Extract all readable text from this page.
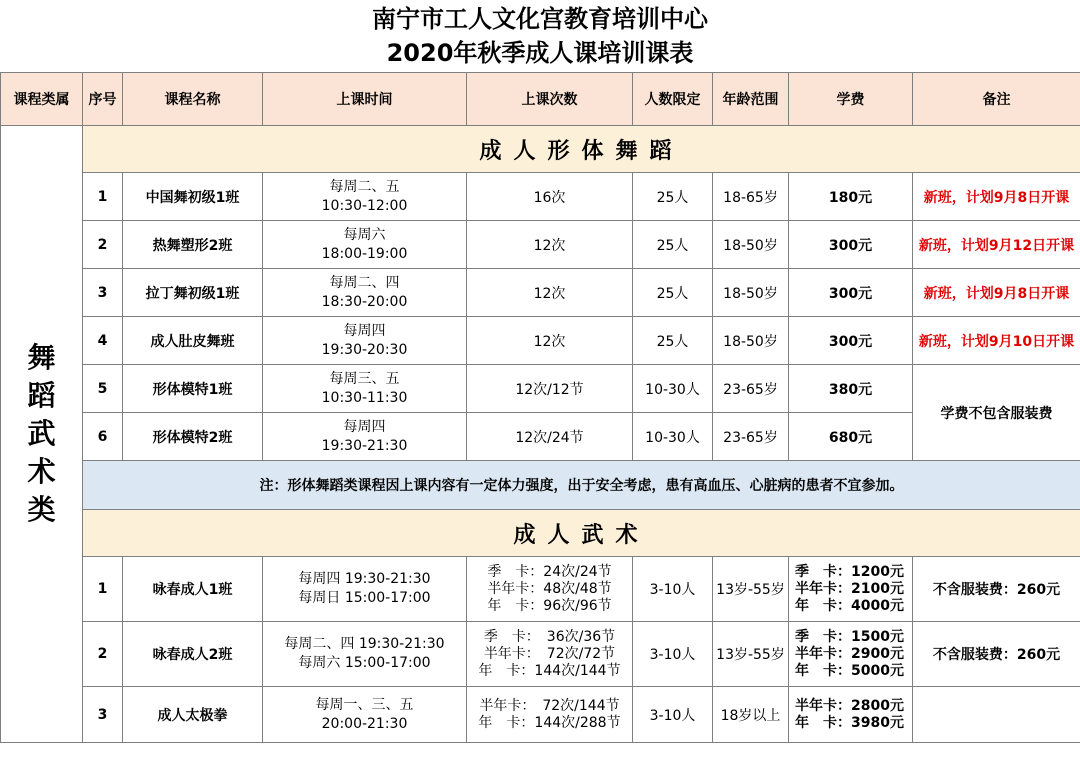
南宁市工人文化宫教育培训中心
2020年秋季成人课培训课表
课程类属	序号	课程名称	上课时间	上课次数	人数限定	年龄范围	学费	备注

舞
蹈
武
术
类	成人形体舞蹈							
	1	中国舞初级1班	每周二、五
10:30-12:00	16次	25人	18-65岁	180元	新班，计划9月8日开课
	2	热舞塑形2班	每周六
18:00-19:00	12次	25人	18-50岁	300元	新班，计划9月12日开课
	3	拉丁舞初级1班	每周二、四
18:30-20:00	12次	25人	18-50岁	300元	新班，计划9月8日开课
	4	成人肚皮舞班	每周四
19:30-20:30	12次	25人	18-50岁	300元	新班，计划9月10日开课
	5	形体模特1班	每周三、五
10:30-11:30	12次/12节	10-30人	23-65岁	380元	学费不包含服装费
	6	形体模特2班	每周四
19:30-21:30	12次/24节	10-30人	23-65岁	680元	
	注：形体舞蹈类课程因上课内容有一定体力强度，出于安全考虑，患有高血压、心脏病的患者不宜参加。							
	成人武术							
	1	咏春成人1班	每周四 19:30-21:30
每周日 15:00-17:00	季　卡：24次/24节
半年卡：48次/48节
年　卡：96次/96节	3-10人	13岁-55岁	季　卡：1200元
半年卡：2100元
年　卡：4000元	不含服装费：260元
	2	咏春成人2班	每周二、四 19:30-21:30
每周六 15:00-17:00	季　卡：　36次/36节
半年卡：　72次/72节
年　卡：144次/144节	3-10人	13岁-55岁	季　卡：1500元
半年卡：2900元
年　卡：5000元	不含服装费：260元
	3	成人太极拳	每周一、三、五
20:00-21:30	半年卡：　72次/144节
年　卡：144次/288节	3-10人	18岁以上	半年卡：2800元
年　卡：3980元	
